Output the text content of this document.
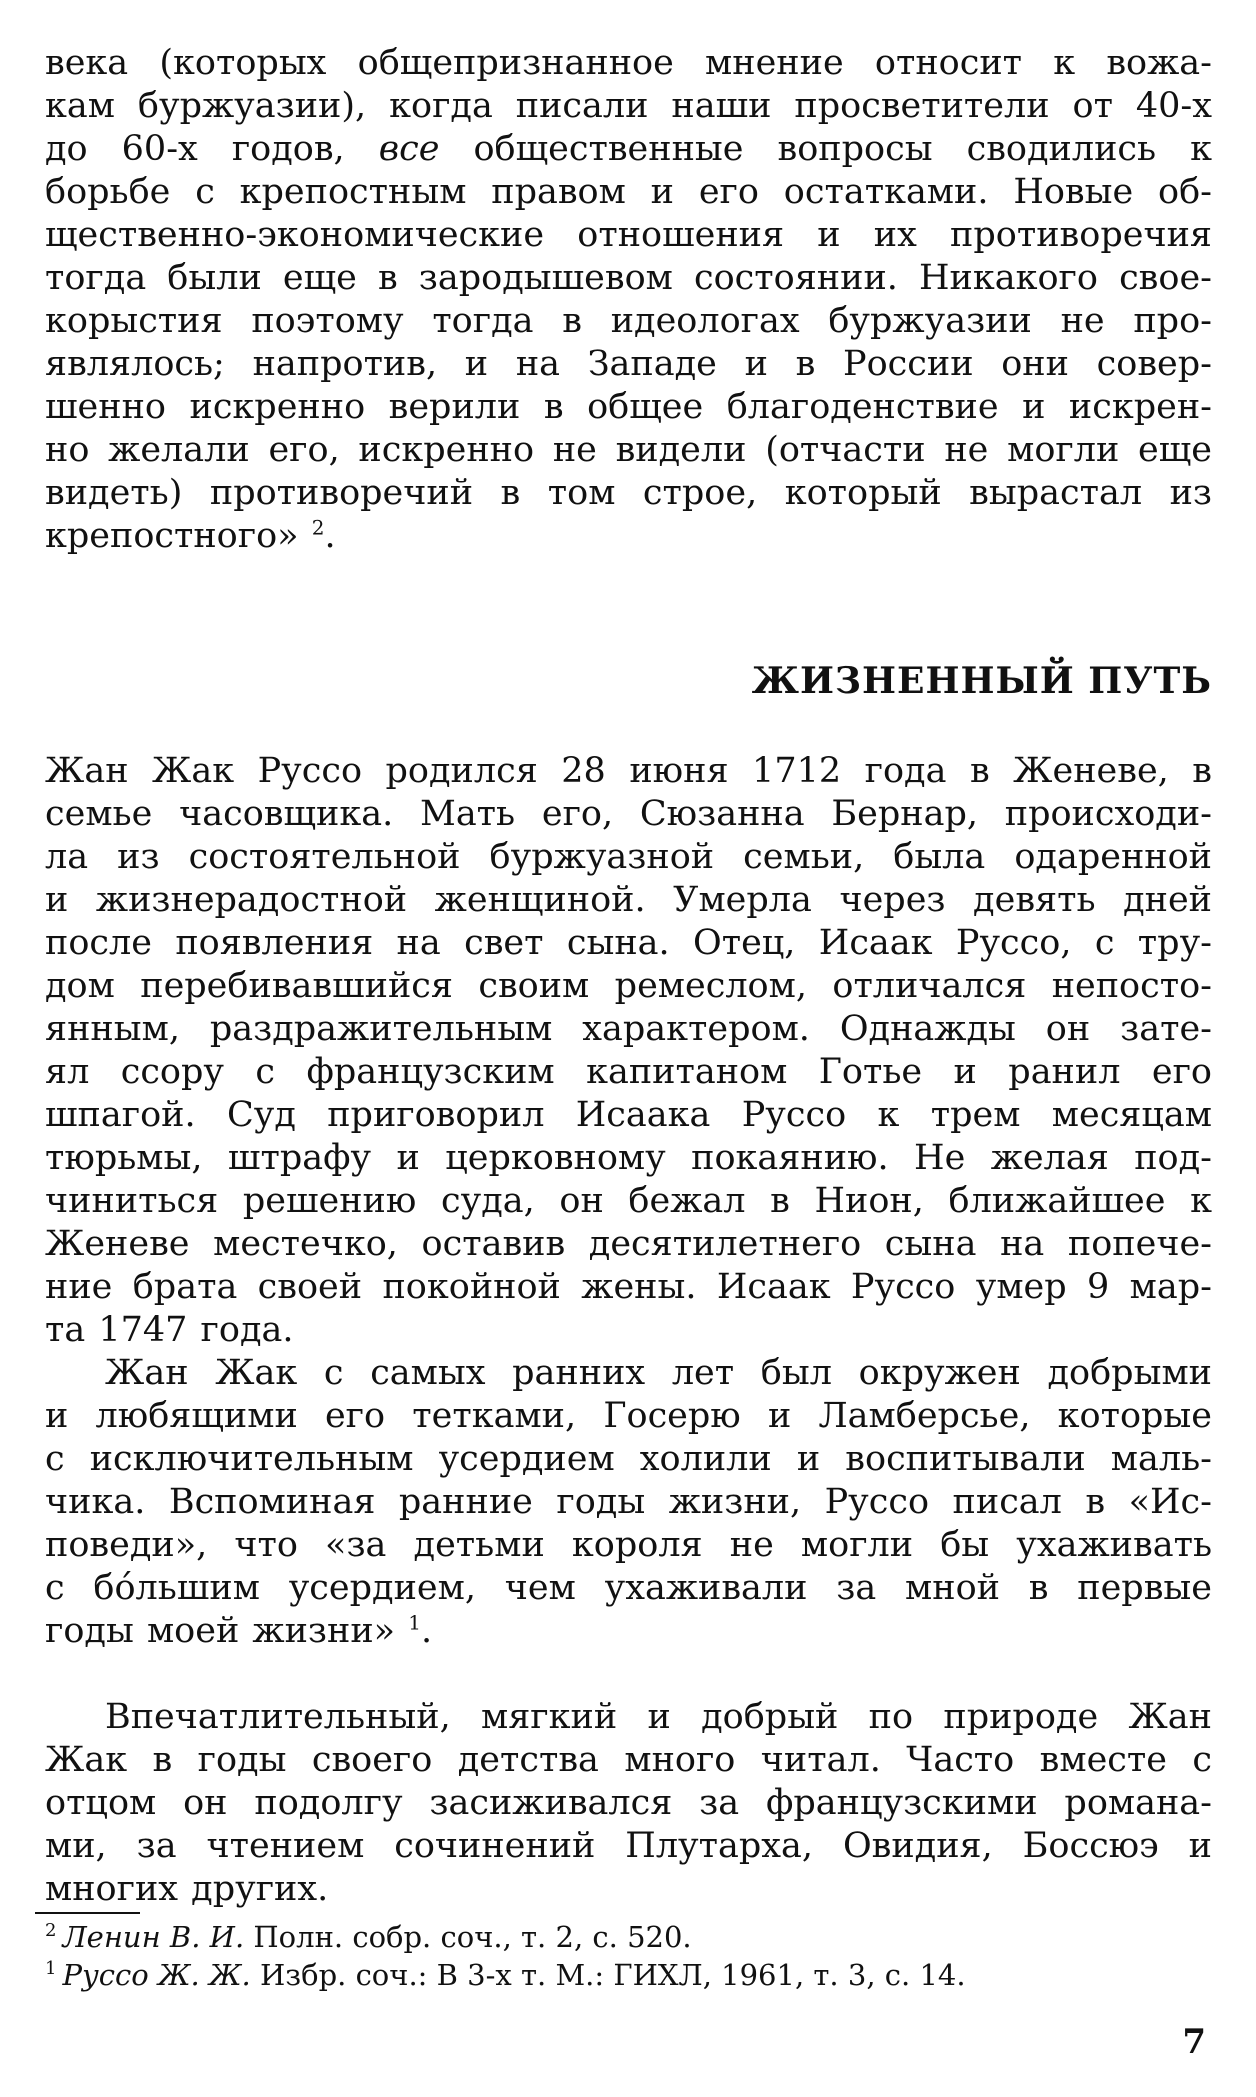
века (которых общепризнанное мнение относит к вожа-
кам буржуазии), когда писали наши просветители от 40-х
до 60-х годов, все общественные вопросы сводились к
борьбе с крепостным правом и его остатками. Новые об-
щественно-экономические отношения и их противоречия
тогда были еще в зародышевом состоянии. Никакого свое-
корыстия поэтому тогда в идеологах буржуазии не про-
являлось; напротив, и на Западе и в России они совер-
шенно искренно верили в общее благоденствие и искрен-
но желали его, искренно не видели (отчасти не могли еще
видеть) противоречий в том строе, который вырастал из
крепостного» $^2$.
ЖИЗНЕННЫЙ ПУТЬ
Жан Жак Руссо родился 28 июня 1712 года в Женеве, в
семье часовщика. Мать его, Сюзанна Бернар, происходи-
ла из состоятельной буржуазной семьи, была одаренной
и жизнерадостной женщиной. Умерла через девять дней
после появления на свет сына. Отец, Исаак Руссо, с тру-
дом перебивавшийся своим ремеслом, отличался непосто-
янным, раздражительным характером. Однажды он зате-
ял ссору с французским капитаном Готье и ранил его
шпагой. Суд приговорил Исаака Руссо к трем месяцам
тюрьмы, штрафу и церковному покаянию. Не желая под-
чиниться решению суда, он бежал в Нион, ближайшее к
Женеве местечко, оставив десятилетнего сына на попече-
ние брата своей покойной жены. Исаак Руссо умер 9 мар-
та 1747 года.
Жан Жак с самых ранних лет был окружен добрыми
и любящими его тетками, Госерю и Ламберсье, которые
с исключительным усердием холили и воспитывали маль-
чика. Вспоминая ранние годы жизни, Руссо писал в «Ис-
поведи», что «за детьми короля не могли бы ухаживать
с бо́льшим усердием, чем ухаживали за мной в первые
годы моей жизни» $^1$.
Впечатлительный, мягкий и добрый по природе Жан
Жак в годы своего детства много читал. Часто вместе с
отцом он подолгу засиживался за французскими романа-
ми, за чтением сочинений Плутарха, Овидия, Боссюэ и
многих других.
$^2$ Ленин В. И. Полн. собр. соч., т. 2, с. 520.
$^1$ Руссо Ж. Ж. Избр. соч.: В 3-х т. М.: ГИХЛ, 1961, т. 3, с. 14.
7
